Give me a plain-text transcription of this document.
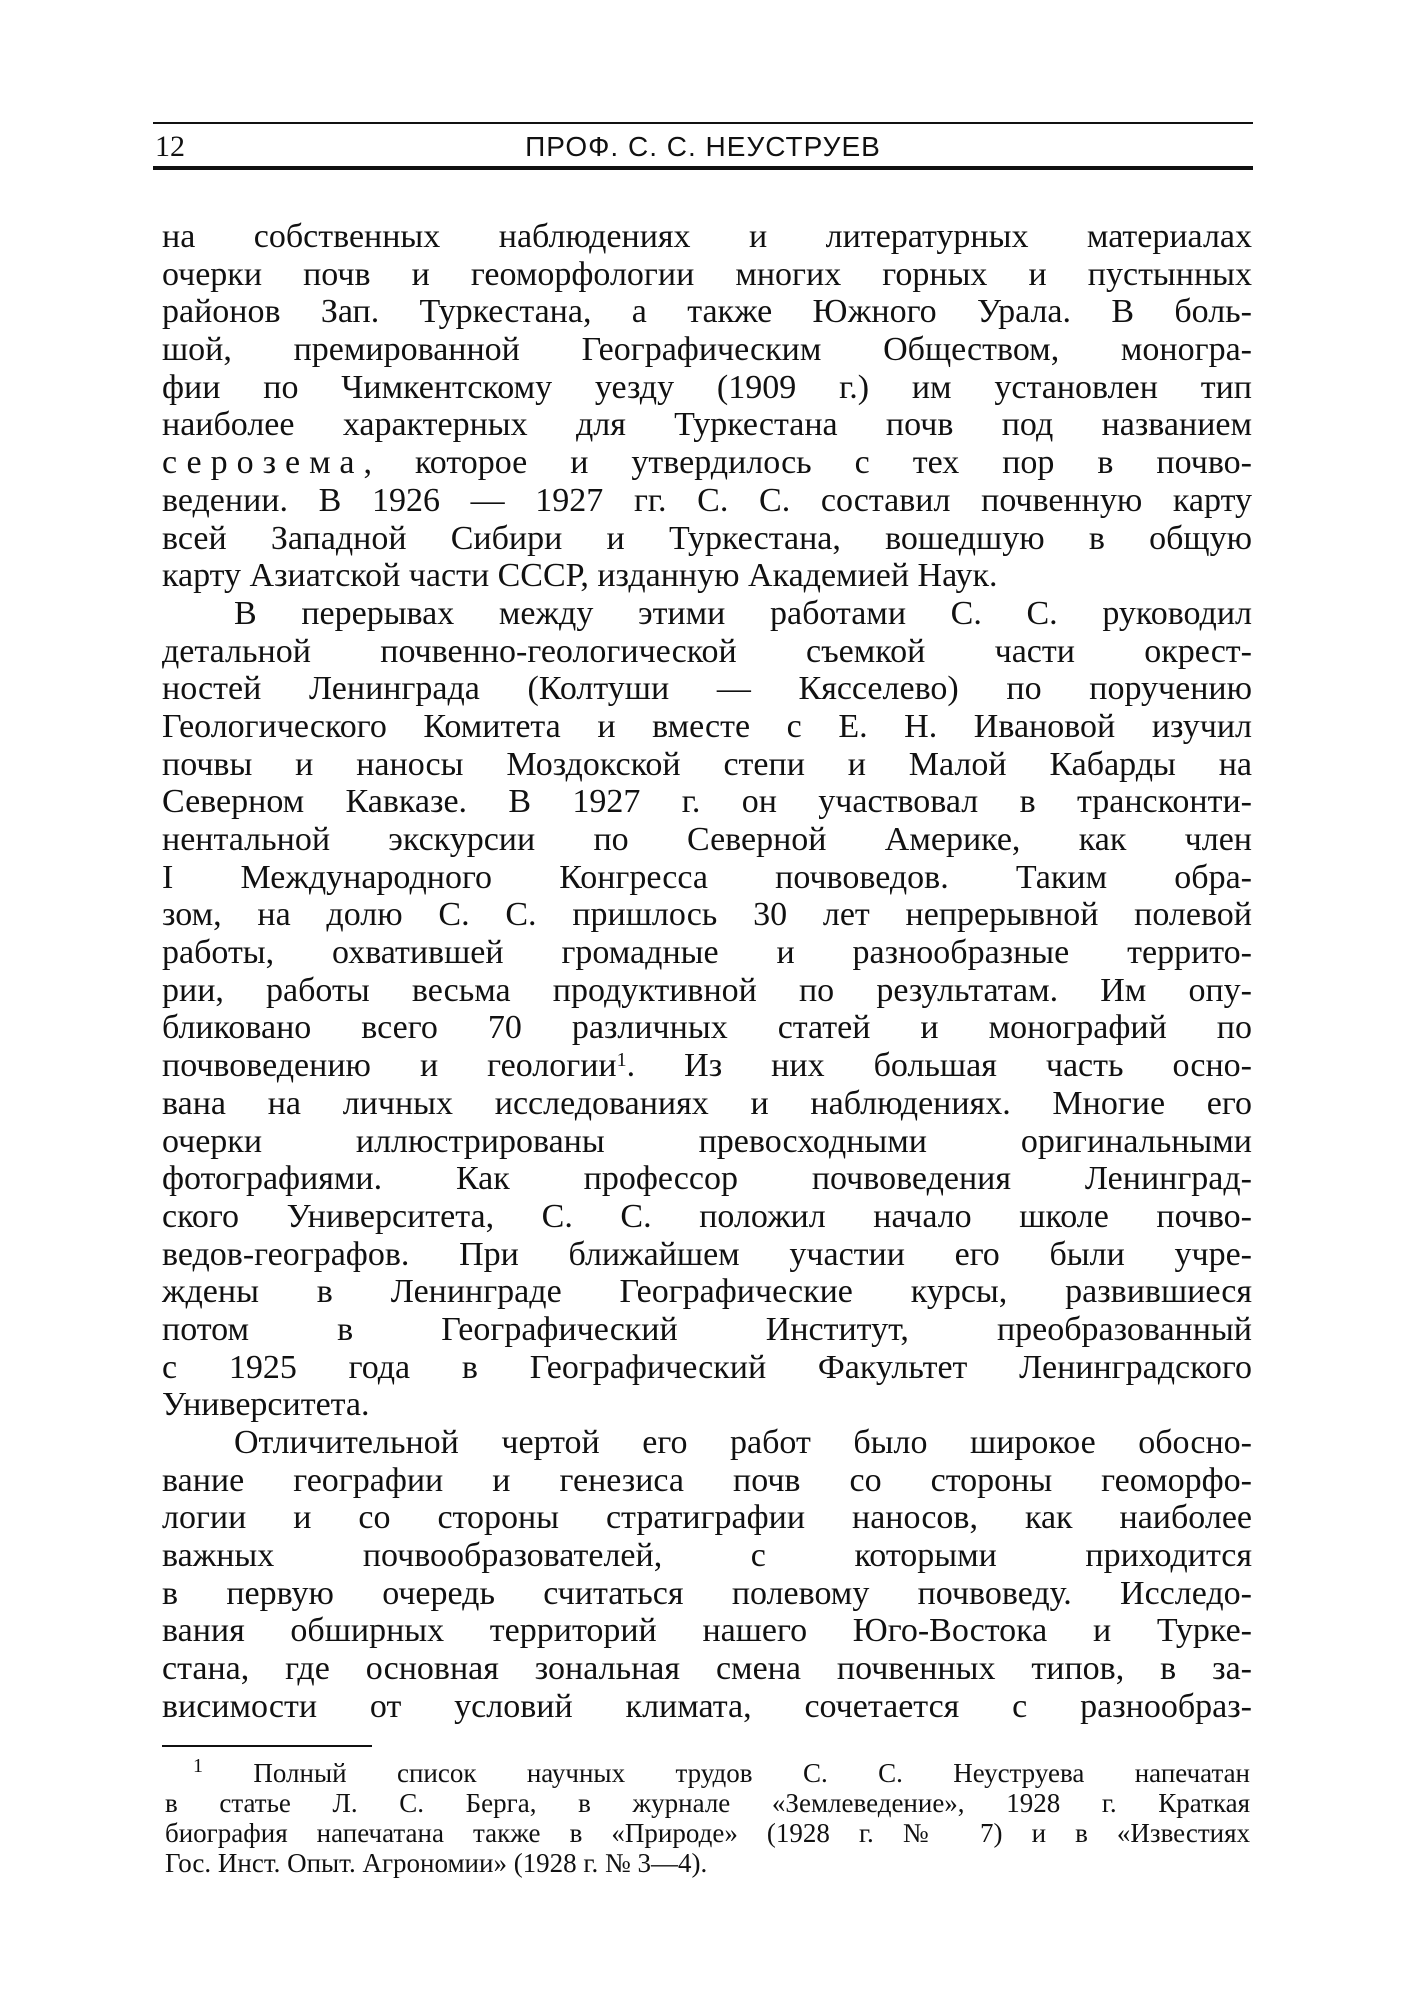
12	ПРОФ. С. С. НЕУСТРУЕВ
на собственных наблюдениях и литературных материалах
очерки почв и геоморфологии многих горных и пустынных
районов Зап. Туркестана, а также Южного Урала. В боль-
шой, премированной Географическим Обществом, моногра-
фии по Чимкентскому уезду (1909 г.) им установлен тип
наиболее характерных для Туркестана почв под названием
серозема, которое и утвердилось с тех пор в почво-
ведении. В 1926 — 1927 гг. С. С. составил почвенную карту
всей Западной Сибири и Туркестана, вошедшую в общую
карту Азиатской части СССР, изданную Академией Наук.
В перерывах между этими работами С. С. руководил
детальной почвенно-геологической съемкой части окрест-
ностей Ленинграда (Колтуши — Кясселево) по поручению
Геологического Комитета и вместе с Е. Н. Ивановой изучил
почвы и наносы Моздокской степи и Малой Кабарды на
Северном Кавказе. В 1927 г. он участвовал в трансконти-
нентальной экскурсии по Северной Америке, как член
I Международного Конгресса почвоведов. Таким обра-
зом, на долю С. С. пришлось 30 лет непрерывной полевой
работы, охватившей громадные и разнообразные террито-
рии, работы весьма продуктивной по результатам. Им опу-
бликовано всего 70 различных статей и монографий по
почвоведению и геологии$^1$. Из них большая часть осно-
вана на личных исследованиях и наблюдениях. Многие его
очерки иллюстрированы превосходными оригинальными
фотографиями. Как профессор почвоведения Ленинград-
ского Университета, С. С. положил начало школе почво-
ведов-географов. При ближайшем участии его были учре-
ждены в Ленинграде Географические курсы, развившиеся
потом в Географический Институт, преобразованный
с 1925 года в Географический Факультет Ленинградского
Университета.
Отличительной чертой его работ было широкое обосно-
вание географии и генезиса почв со стороны геоморфо-
логии и со стороны стратиграфии наносов, как наиболее
важных почвообразователей, с которыми приходится
в первую очередь считаться полевому почвоведу. Исследо-
вания обширных территорий нашего Юго-Востока и Турке-
стана, где основная зональная смена почвенных типов, в за-
висимости от условий климата, сочетается с разнообраз-
$^1$ Полный список научных трудов С. С. Неуструева напечатан
в статье Л. С. Берга, в журнале «Землеведение», 1928 г. Краткая
биография напечатана также в «Природе» (1928 г. № 7) и в «Известиях
Гос. Инст. Опыт. Агрономии» (1928 г. № 3—4).
